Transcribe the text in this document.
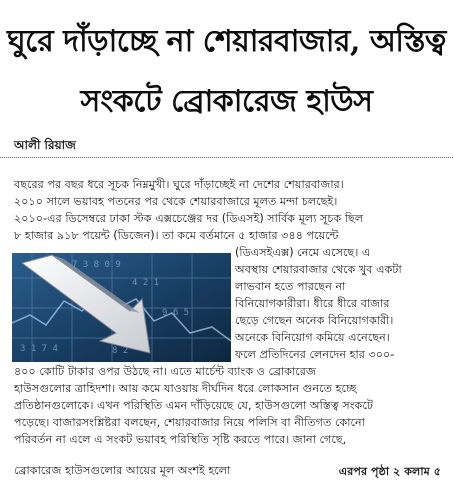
ঘুরে দাঁড়াচ্ছে না শেয়ারবাজার, অস্তিত্ব
সংকটে ব্রোকারেজ হাউস
আলী রিয়াজ
বছরের পর বছর ধরে সূচক নিম্নমুখী। ঘুরে দাঁড়াচ্ছেই না দেশের শেয়ারবাজার।
২০১০ সালে ভয়াবহ পতনের পর থেকে শেয়ারবাজারে মূলত মন্দা চলছেই।
২০১০-এর ডিসেম্বরে ঢাকা স্টক এক্সচেঞ্জের দর (ডিএসই) সার্বিক মূল্য সূচক ছিল
৮ হাজার ৯১৮ পয়েন্ট (ডিজেন)। তা কমে বর্তমানে ৫ হাজার ৩৪৪ পয়েন্টে
7 3 8 0 9
4 2 1
9 6 5
3 1 7 4	8 2
(ডিএসইএক্স) নেমে এসেছে। এ
অবস্থায় শেয়ারবাজার থেকে খুব একটা
লাভবান হতে পারছেন না
বিনিয়োগকারীরা। ধীরে ধীরে বাজার
ছেড়ে গেছেন অনেক বিনিয়োগকারী।
অনেকে বিনিয়োগ কমিয়ে এনেছেন।
ফলে প্রতিদিনের লেনদেন হার ৩০০-
৪০০ কোটি টাকার ওপর উঠছে না। এতে মার্চেন্ট ব্যাংক ও ব্রোকারেজ
হাউসগুলোর ত্রাহিদশা। আয় কমে যাওয়ায় দীর্ঘদিন ধরে লোকসান গুনতে হচ্ছে
প্রতিষ্ঠানগুলোকে। এখন পরিস্থিতি এমন দাঁড়িয়েছে যে, হাউসগুলো অস্তিত্ব সংকটে
পড়েছে। বাজারসংশ্লিষ্টরা বলছেন, শেয়ারবাজার নিয়ে পলিসি বা নীতিগত কোনো
পরিবর্তন না এলে এ সংকট ভয়াবহ পরিস্থিতি সৃষ্টি করতে পারে। জানা গেছে,
ব্রোকারেজ হাউসগুলোর আয়ের মূল অংশই হলো	এরপর পৃষ্ঠা ২ কলাম ৫
